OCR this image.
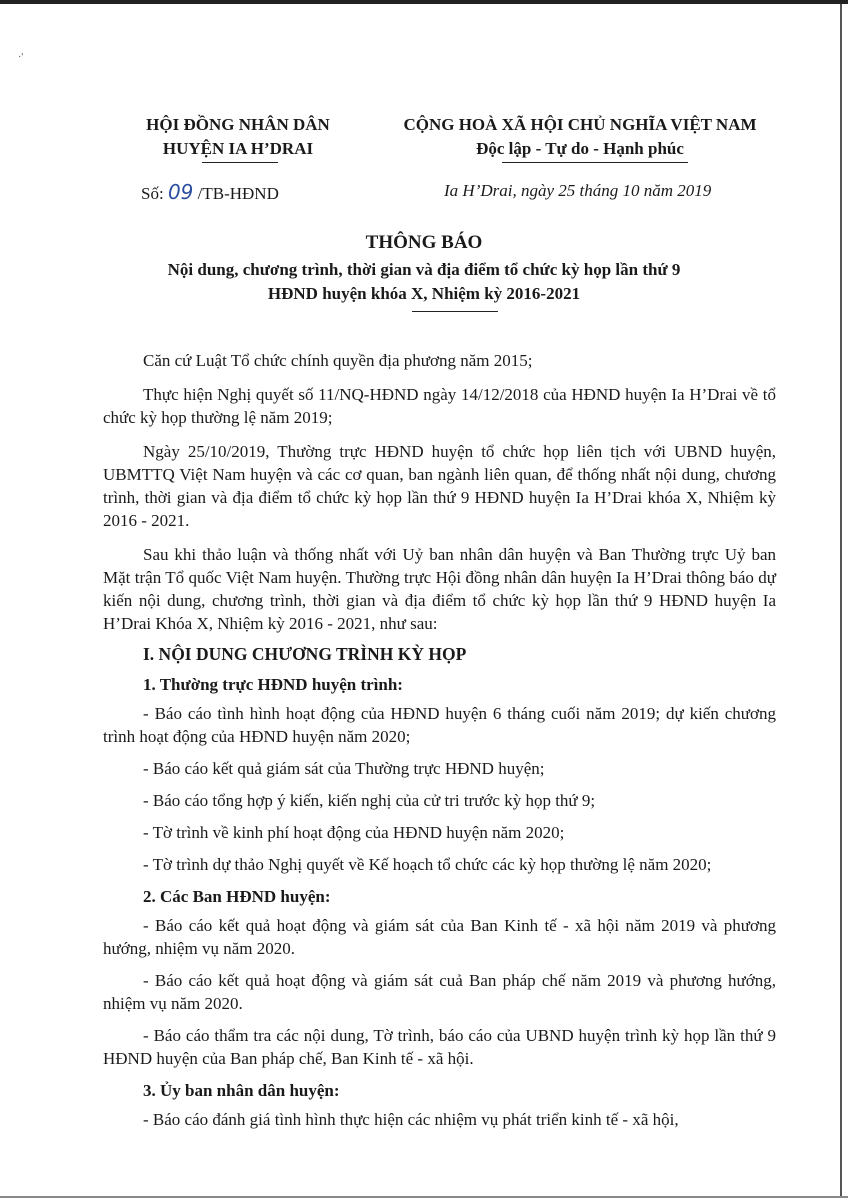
·'
HỘI ĐỒNG NHÂN DÂN
HUYỆN IA H’DRAI
CỘNG HOÀ XÃ HỘI CHỦ NGHĨA VIỆT NAM
Độc lập - Tự do - Hạnh phúc
Số: 09 /TB-HĐND	Ia H’Drai, ngày 25 tháng 10 năm 2019
THÔNG BÁO
Nội dung, chương trình, thời gian và địa điểm tổ chức kỳ họp lần thứ 9
HĐND huyện khóa X, Nhiệm kỳ 2016-2021

Căn cứ Luật Tổ chức chính quyền địa phương năm 2015;

Thực hiện Nghị quyết số 11/NQ-HĐND ngày 14/12/2018 của HĐND huyện Ia H’Drai về tổ chức kỳ họp thường lệ năm 2019;

Ngày 25/10/2019, Thường trực HĐND huyện tổ chức họp liên tịch với UBND huyện, UBMTTQ Việt Nam huyện và các cơ quan, ban ngành liên quan, để thống nhất nội dung, chương trình, thời gian và địa điểm tổ chức kỳ họp lần thứ 9 HĐND huyện Ia H’Drai khóa X, Nhiệm kỳ 2016 - 2021.

Sau khi thảo luận và thống nhất với Uỷ ban nhân dân huyện và Ban Thường trực Uỷ ban Mặt trận Tổ quốc Việt Nam huyện. Thường trực Hội đồng nhân dân huyện Ia H’Drai thông báo dự kiến nội dung, chương trình, thời gian và địa điểm tổ chức kỳ họp lần thứ 9 HĐND huyện Ia H’Drai Khóa X, Nhiệm kỳ 2016 - 2021, như sau:

I. NỘI DUNG CHƯƠNG TRÌNH KỲ HỌP
1. Thường trực HĐND huyện trình:
- Báo cáo tình hình hoạt động của HĐND huyện 6 tháng cuối năm 2019; dự kiến chương trình hoạt động của HĐND huyện năm 2020;
- Báo cáo kết quả giám sát của Thường trực HĐND huyện;
- Báo cáo tổng hợp ý kiến, kiến nghị của cử tri trước kỳ họp thứ 9;
- Tờ trình về kinh phí hoạt động của HĐND huyện năm 2020;
- Tờ trình dự thảo Nghị quyết về Kế hoạch tổ chức các kỳ họp thường lệ năm 2020;
2. Các Ban HĐND huyện:
- Báo cáo kết quả hoạt động và giám sát của Ban Kinh tế - xã hội năm 2019 và phương hướng, nhiệm vụ năm 2020.
- Báo cáo kết quả hoạt động và giám sát cuả Ban pháp chế năm 2019 và phương hướng, nhiệm vụ năm 2020.
- Báo cáo thẩm tra các nội dung, Tờ trình, báo cáo của UBND huyện trình kỳ họp lần thứ 9 HĐND huyện của Ban pháp chế, Ban Kinh tế - xã hội.
3. Ủy ban nhân dân huyện:
- Báo cáo đánh giá tình hình thực hiện các nhiệm vụ phát triển kinh tế - xã hội,
